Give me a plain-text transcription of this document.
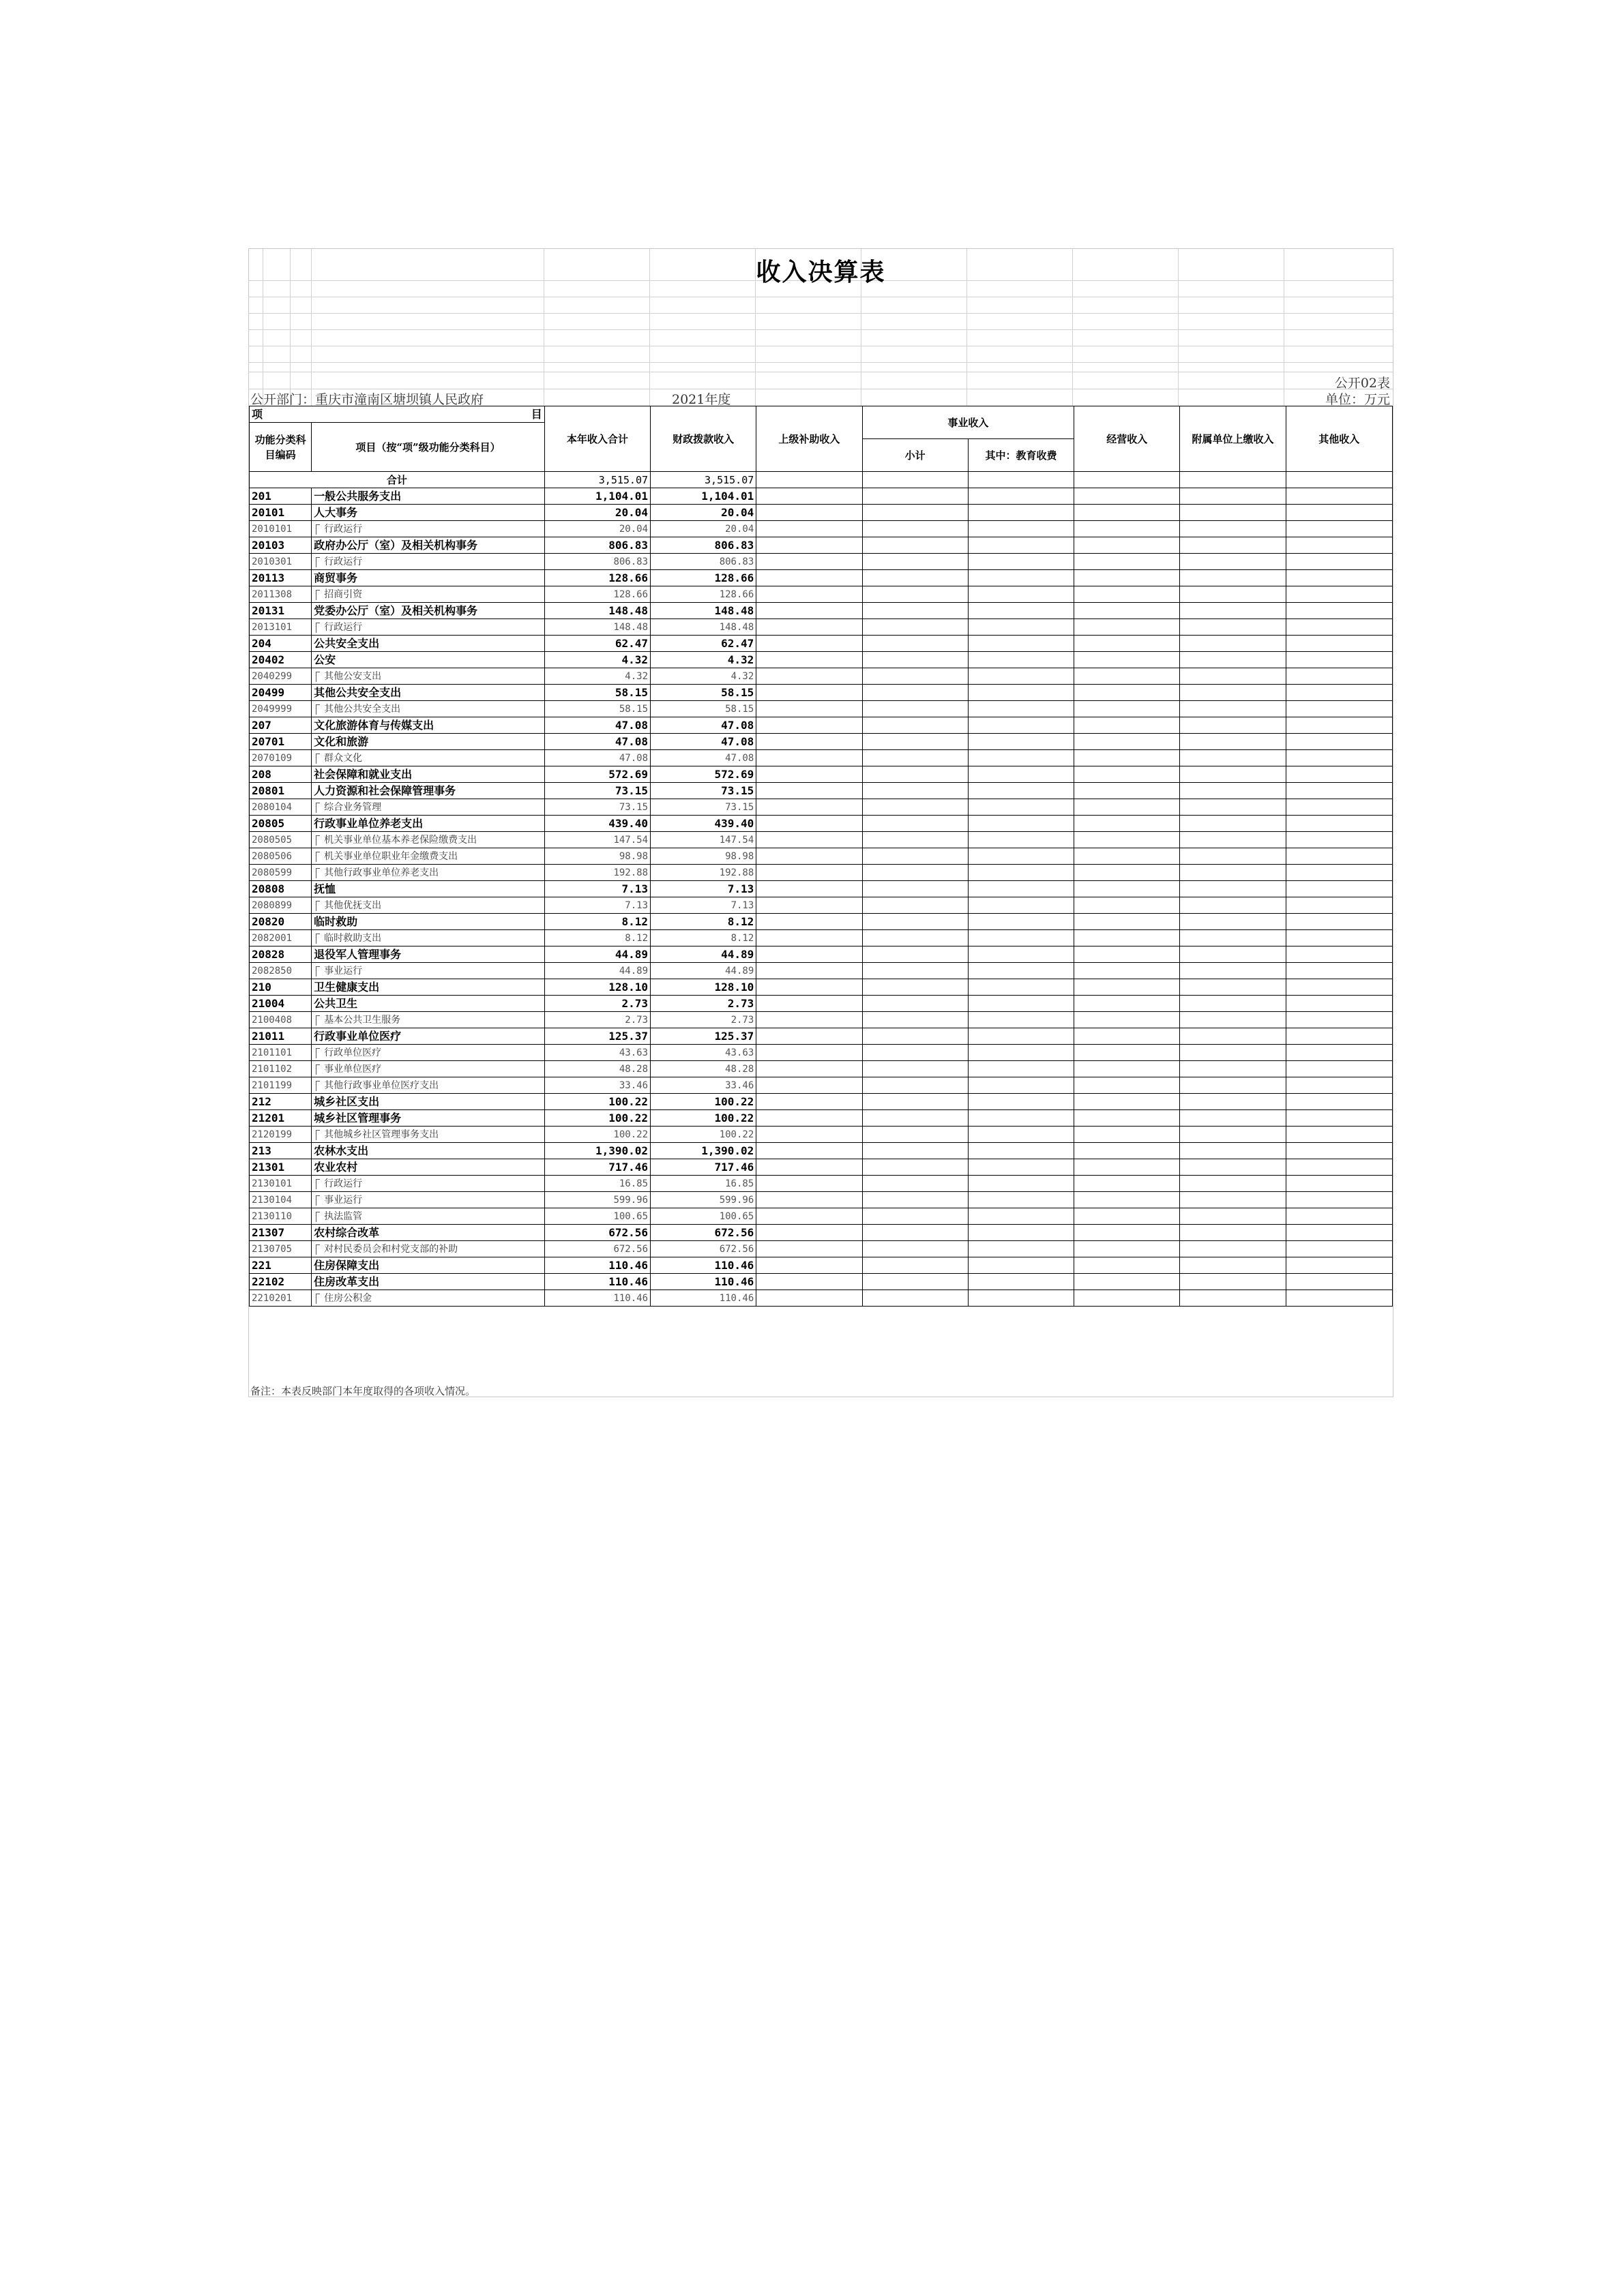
收入决算表
公开02表
公开部门：重庆市潼南区塘坝镇人民政府	2021年度	单位：万元
项 目		本年收入合计	财政拨款收入	上级补助收入	事业收入		经营收入	附属单位上缴收入	其他收入
功能分类科目编码	项目（按“项”级功能分类科目）								
					小计	其中：教育收费			
合计		3,515.07	3,515.07						
201	一般公共服务支出	1,104.01	1,104.01						
20101	人大事务	20.04	20.04						
2010101	行政运行	20.04	20.04						
20103	政府办公厅（室）及相关机构事务	806.83	806.83						
2010301	行政运行	806.83	806.83						
20113	商贸事务	128.66	128.66						
2011308	招商引资	128.66	128.66						
20131	党委办公厅（室）及相关机构事务	148.48	148.48						
2013101	行政运行	148.48	148.48						
204	公共安全支出	62.47	62.47						
20402	公安	4.32	4.32						
2040299	其他公安支出	4.32	4.32						
20499	其他公共安全支出	58.15	58.15						
2049999	其他公共安全支出	58.15	58.15						
207	文化旅游体育与传媒支出	47.08	47.08						
20701	文化和旅游	47.08	47.08						
2070109	群众文化	47.08	47.08						
208	社会保障和就业支出	572.69	572.69						
20801	人力资源和社会保障管理事务	73.15	73.15						
2080104	综合业务管理	73.15	73.15						
20805	行政事业单位养老支出	439.40	439.40						
2080505	机关事业单位基本养老保险缴费支出	147.54	147.54						
2080506	机关事业单位职业年金缴费支出	98.98	98.98						
2080599	其他行政事业单位养老支出	192.88	192.88						
20808	抚恤	7.13	7.13						
2080899	其他优抚支出	7.13	7.13						
20820	临时救助	8.12	8.12						
2082001	临时救助支出	8.12	8.12						
20828	退役军人管理事务	44.89	44.89						
2082850	事业运行	44.89	44.89						
210	卫生健康支出	128.10	128.10						
21004	公共卫生	2.73	2.73						
2100408	基本公共卫生服务	2.73	2.73						
21011	行政事业单位医疗	125.37	125.37						
2101101	行政单位医疗	43.63	43.63						
2101102	事业单位医疗	48.28	48.28						
2101199	其他行政事业单位医疗支出	33.46	33.46						
212	城乡社区支出	100.22	100.22						
21201	城乡社区管理事务	100.22	100.22						
2120199	其他城乡社区管理事务支出	100.22	100.22						
213	农林水支出	1,390.02	1,390.02						
21301	农业农村	717.46	717.46						
2130101	行政运行	16.85	16.85						
2130104	事业运行	599.96	599.96						
2130110	执法监管	100.65	100.65						
21307	农村综合改革	672.56	672.56						
2130705	对村民委员会和村党支部的补助	672.56	672.56						
221	住房保障支出	110.46	110.46						
22102	住房改革支出	110.46	110.46						
2210201	住房公积金	110.46	110.46						
备注：本表反映部门本年度取得的各项收入情况。
